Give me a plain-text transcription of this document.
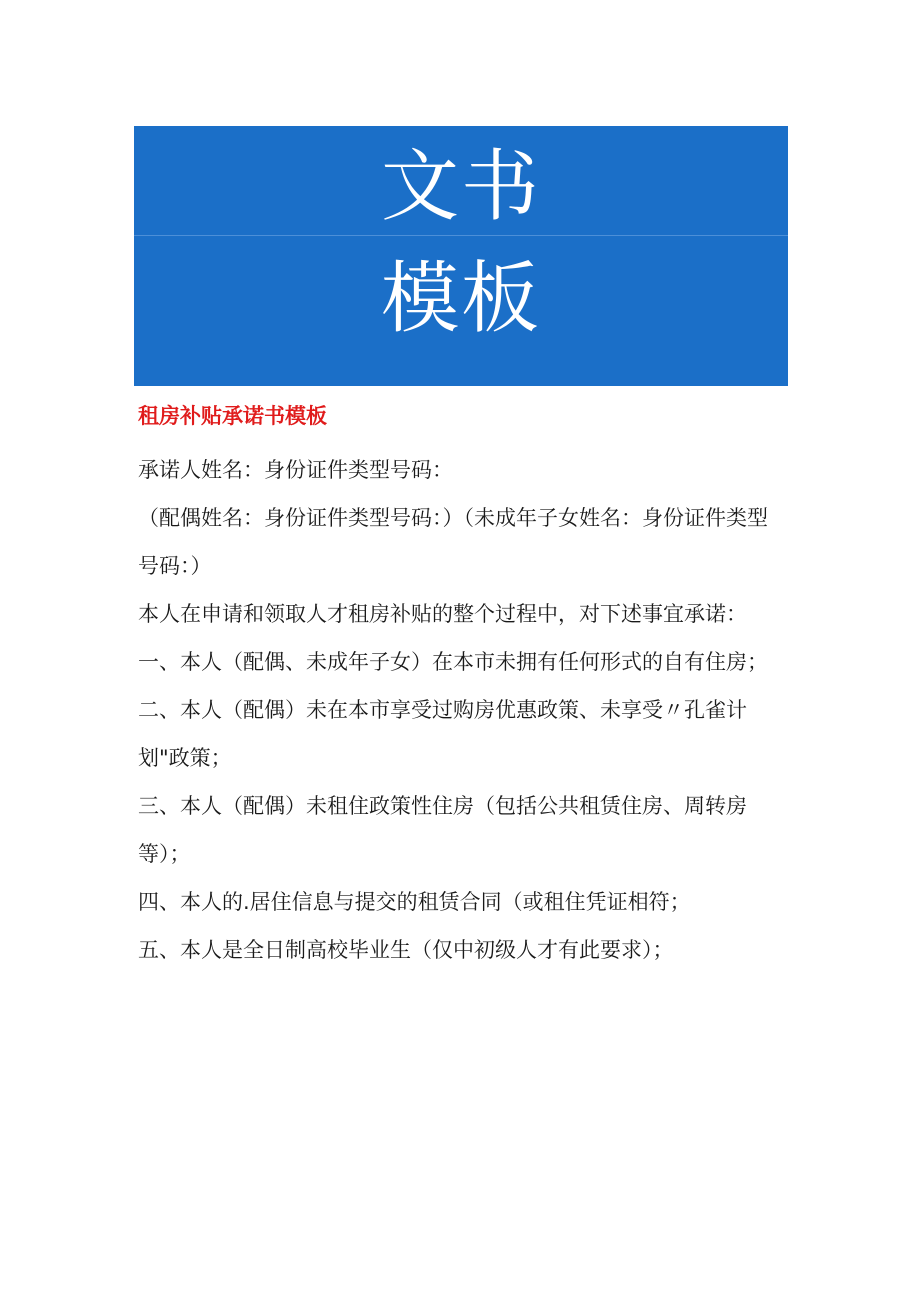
文书
模板
租房补贴承诺书模板

承诺人姓名：身份证件类型号码：

（配偶姓名：身份证件类型号码：）（未成年子女姓名：身份证件类型号码：）

本人在申请和领取人才租房补贴的整个过程中，对下述事宜承诺：

一、本人（配偶、未成年子女）在本市未拥有任何形式的自有住房；

二、本人（配偶）未在本市享受过购房优惠政策、未享受〃孔雀计划"政策；

三、本人（配偶）未租住政策性住房（包括公共租赁住房、周转房等）；

四、本人的.居住信息与提交的租赁合同（或租住凭证相符；

五、本人是全日制高校毕业生（仅中初级人才有此要求）；
